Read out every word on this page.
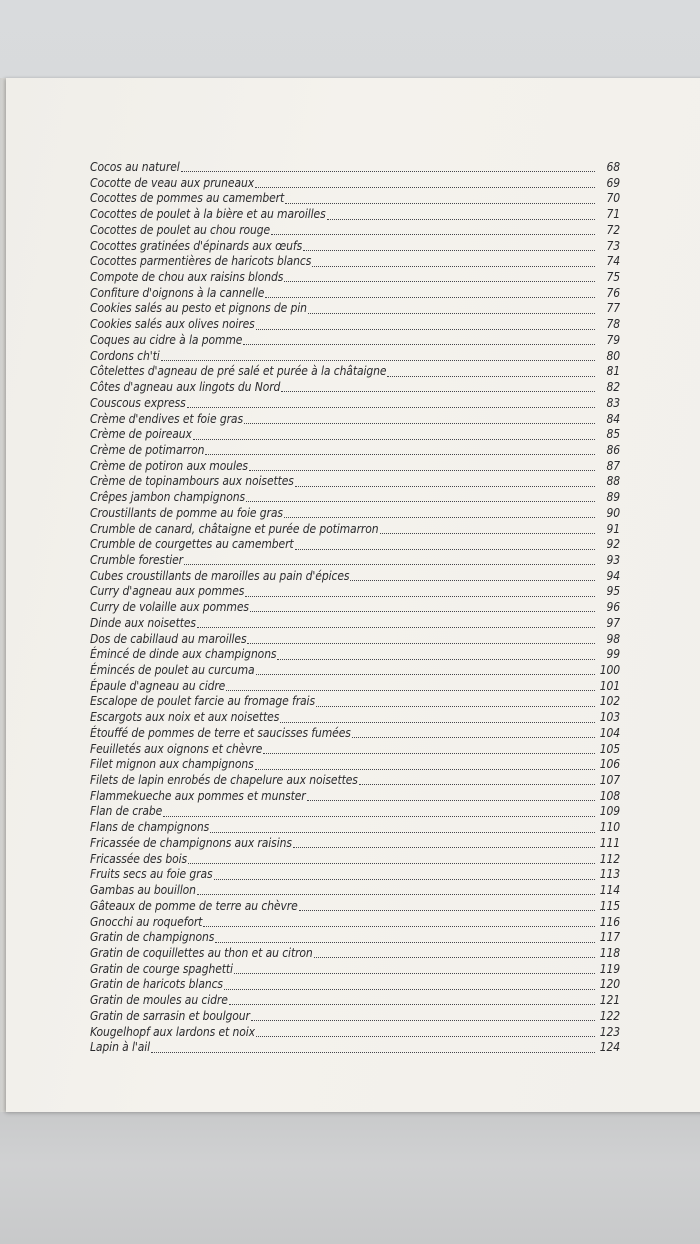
Cocos au naturel	68
Cocotte de veau aux pruneaux	69
Cocottes de pommes au camembert	70
Cocottes de poulet à la bière et au maroilles	71
Cocottes de poulet au chou rouge	72
Cocottes gratinées d'épinards aux œufs	73
Cocottes parmentières de haricots blancs	74
Compote de chou aux raisins blonds	75
Confiture d'oignons à la cannelle	76
Cookies salés au pesto et pignons de pin	77
Cookies salés aux olives noires	78
Coques au cidre à la pomme	79
Cordons ch'ti	80
Côtelettes d'agneau de pré salé et purée à la châtaigne	81
Côtes d'agneau aux lingots du Nord	82
Couscous express	83
Crème d'endives et foie gras	84
Crème de poireaux	85
Crème de potimarron	86
Crème de potiron aux moules	87
Crème de topinambours aux noisettes	88
Crêpes jambon champignons	89
Croustillants de pomme au foie gras	90
Crumble de canard, châtaigne et purée de potimarron	91
Crumble de courgettes au camembert	92
Crumble forestier	93
Cubes croustillants de maroilles au pain d'épices	94
Curry d'agneau aux pommes	95
Curry de volaille aux pommes	96
Dinde aux noisettes	97
Dos de cabillaud au maroilles	98
Émincé de dinde aux champignons	99
Émincés de poulet au curcuma	100
Épaule d'agneau au cidre	101
Escalope de poulet farcie au fromage frais	102
Escargots aux noix et aux noisettes	103
Étouffé de pommes de terre et saucisses fumées	104
Feuilletés aux oignons et chèvre	105
Filet mignon aux champignons	106
Filets de lapin enrobés de chapelure aux noisettes	107
Flammekueche aux pommes et munster	108
Flan de crabe	109
Flans de champignons	110
Fricassée de champignons aux raisins	111
Fricassée des bois	112
Fruits secs au foie gras	113
Gambas au bouillon	114
Gâteaux de pomme de terre au chèvre	115
Gnocchi au roquefort	116
Gratin de champignons	117
Gratin de coquillettes au thon et au citron	118
Gratin de courge spaghetti	119
Gratin de haricots blancs	120
Gratin de moules au cidre	121
Gratin de sarrasin et boulgour	122
Kougelhopf aux lardons et noix	123
Lapin à l'ail	124
